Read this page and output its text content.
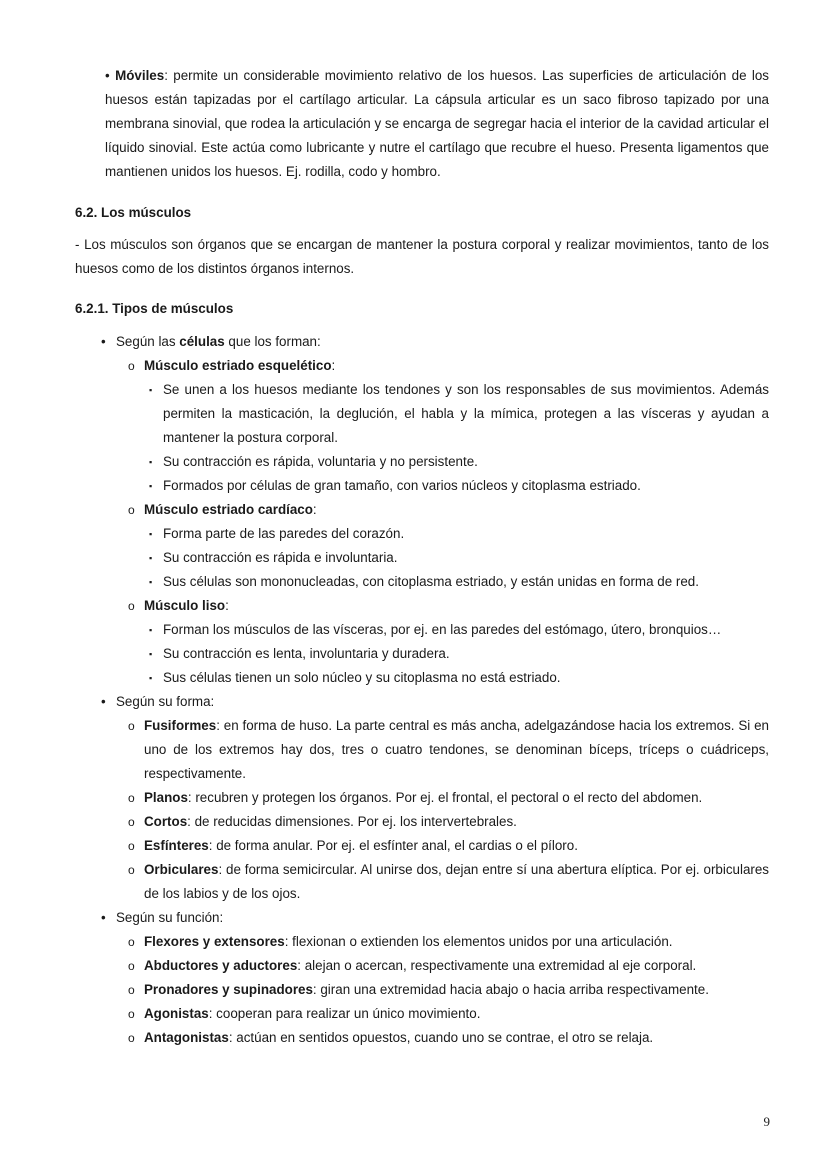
• Móviles: permite un considerable movimiento relativo de los huesos. Las superficies de articulación de los huesos están tapizadas por el cartílago articular. La cápsula articular es un saco fibroso tapizado por una membrana sinovial, que rodea la articulación y se encarga de segregar hacia el interior de la cavidad articular el líquido sinovial. Este actúa como lubricante y nutre el cartílago que recubre el hueso. Presenta ligamentos que mantienen unidos los huesos. Ej. rodilla, codo y hombro.

6.2. Los músculos

- Los músculos son órganos que se encargan de mantener la postura corporal y realizar movimientos, tanto de los huesos como de los distintos órganos internos.

6.2.1. Tipos de músculos
• Según las células que los forman:
o Músculo estriado esquelético:
▪ Se unen a los huesos mediante los tendones y son los responsables de sus movimientos. Además permiten la masticación, la deglución, el habla y la mímica, protegen a las vísceras y ayudan a mantener la postura corporal.
▪ Su contracción es rápida, voluntaria y no persistente.
▪ Formados por células de gran tamaño, con varios núcleos y citoplasma estriado.
o Músculo estriado cardíaco:
▪ Forma parte de las paredes del corazón.
▪ Su contracción es rápida e involuntaria.
▪ Sus células son mononucleadas, con citoplasma estriado, y están unidas en forma de red.
o Músculo liso:
▪ Forman los músculos de las vísceras, por ej. en las paredes del estómago, útero, bronquios…
▪ Su contracción es lenta, involuntaria y duradera.
▪ Sus células tienen un solo núcleo y su citoplasma no está estriado.
• Según su forma:
o Fusiformes: en forma de huso. La parte central es más ancha, adelgazándose hacia los extremos. Si en uno de los extremos hay dos, tres o cuatro tendones, se denominan bíceps, tríceps o cuádriceps, respectivamente.
o Planos: recubren y protegen los órganos. Por ej. el frontal, el pectoral o el recto del abdomen.
o Cortos: de reducidas dimensiones. Por ej. los intervertebrales.
o Esfínteres: de forma anular. Por ej. el esfínter anal, el cardias o el píloro.
o Orbiculares: de forma semicircular. Al unirse dos, dejan entre sí una abertura elíptica. Por ej. orbiculares de los labios y de los ojos.
• Según su función:
o Flexores y extensores: flexionan o extienden los elementos unidos por una articulación.
o Abductores y aductores: alejan o acercan, respectivamente una extremidad al eje corporal.
o Pronadores y supinadores: giran una extremidad hacia abajo o hacia arriba respectivamente.
o Agonistas: cooperan para realizar un único movimiento.
o Antagonistas: actúan en sentidos opuestos, cuando uno se contrae, el otro se relaja.
9
